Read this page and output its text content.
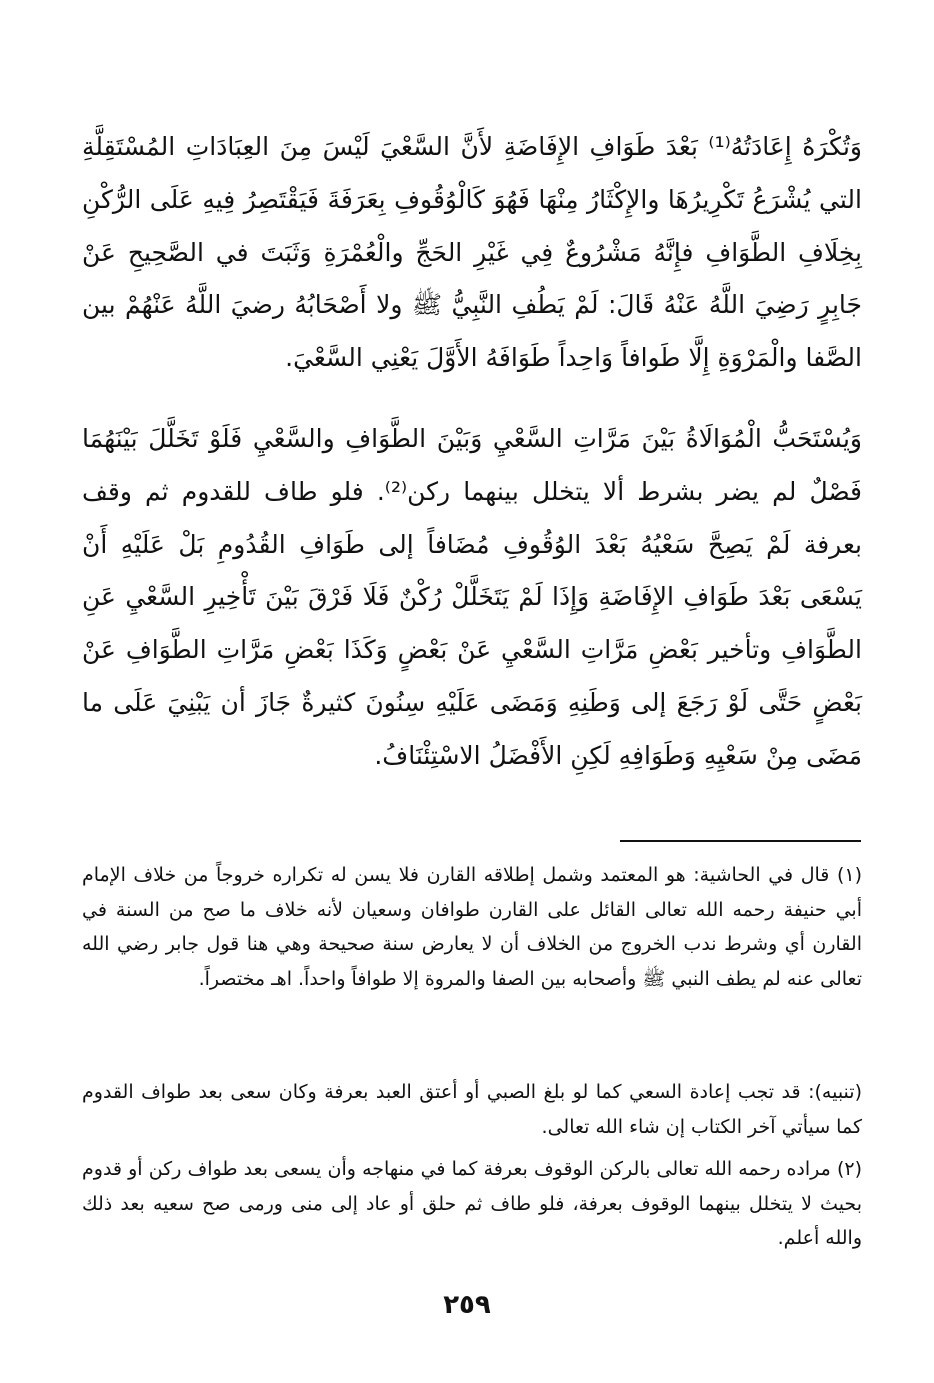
وَتُكْرَهُ إِعَادَتُهُ⁽¹⁾ بَعْدَ طَوَافِ الإِفَاضَةِ لأَنَّ السَّعْيَ لَيْسَ مِنَ العِبَادَاتِ المُسْتَقِلَّةِ التي يُشْرَعُ تَكْرِيرُهَا والإِكْثَارُ مِنْهَا فَهُوَ كَالْوُقُوفِ بِعَرَفَةَ فَيَقْتَصِرُ فِيهِ عَلَى الرُّكْنِ بِخِلَافِ الطَّوَافِ فإِنَّهُ مَشْرُوعٌ فِي غَيْرِ الحَجِّ والْعُمْرَةِ وَثَبَتَ في الصَّحِيحِ عَنْ جَابِرٍ رَضِيَ اللَّهُ عَنْهُ قَالَ: لَمْ يَطُفِ النَّبِيُّ ﷺ ولا أَصْحَابُهُ رضيَ اللَّهُ عَنْهُمْ بين الصَّفا والْمَرْوَةِ إِلَّا طَوافاً وَاحِداً طَوَافَهُ الأَوَّلَ يَعْنِي السَّعْيَ.

وَيُسْتَحَبُّ الْمُوَالَاةُ بَيْنَ مَرَّاتِ السَّعْيِ وَبَيْنَ الطَّوَافِ والسَّعْيِ فَلَوْ تَخَلَّلَ بَيْنَهُمَا فَصْلٌ لم يضر بشرط ألا يتخلل بينهما ركن⁽²⁾. فلو طاف للقدوم ثم وقف بعرفة لَمْ يَصِحَّ سَعْيُهُ بَعْدَ الوُقُوفِ مُضَافاً إلى طَوَافِ القُدُومِ بَلْ عَلَيْهِ أَنْ يَسْعَى بَعْدَ طَوَافِ الإِفَاضَةِ وَإِذَا لَمْ يَتَخَلَّلْ رُكْنٌ فَلَا فَرْقَ بَيْنَ تَأْخِيرِ السَّعْيِ عَنِ الطَّوَافِ وتأخير بَعْضِ مَرَّاتِ السَّعْيِ عَنْ بَعْضٍ وَكَذَا بَعْضِ مَرَّاتِ الطَّوَافِ عَنْ بَعْضٍ حَتَّى لَوْ رَجَعَ إلى وَطَنِهِ وَمَضَى عَلَيْهِ سِنُونَ كثيرةٌ جَازَ أن يَبْنِيَ عَلَى ما مَضَى مِنْ سَعْيِهِ وَطَوَافِهِ لَكِنِ الأَفْضَلُ الاسْتِئْنَافُ.

(١) قال في الحاشية: هو المعتمد وشمل إطلاقه القارن فلا يسن له تكراره خروجاً من خلاف الإمام أبي حنيفة رحمه الله تعالى القائل على القارن طوافان وسعيان لأنه خلاف ما صح من السنة في القارن أي وشرط ندب الخروج من الخلاف أن لا يعارض سنة صحيحة وهي هنا قول جابر رضي الله تعالى عنه لم يطف النبي ﷺ وأصحابه بين الصفا والمروة إلا طوافاً واحداً. اهـ مختصراً.

(تنبيه): قد تجب إعادة السعي كما لو بلغ الصبي أو أعتق العبد بعرفة وكان سعى بعد طواف القدوم كما سيأتي آخر الكتاب إن شاء الله تعالى.

(٢) مراده رحمه الله تعالى بالركن الوقوف بعرفة كما في منهاجه وأن يسعى بعد طواف ركن أو قدوم بحيث لا يتخلل بينهما الوقوف بعرفة، فلو طاف ثم حلق أو عاد إلى منى ورمى صح سعيه بعد ذلك والله أعلم.

٢٥٩
